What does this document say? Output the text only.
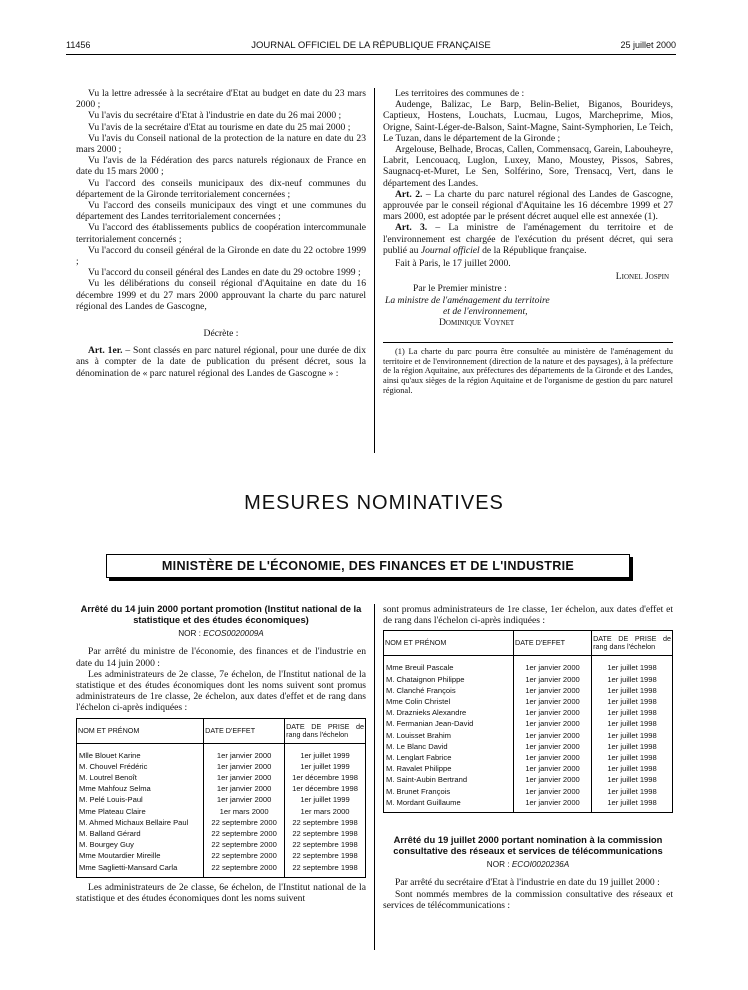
11456	JOURNAL OFFICIEL DE LA RÉPUBLIQUE FRANÇAISE	25 juillet 2000

Vu la lettre adressée à la secrétaire d'Etat au budget en date du 23 mars 2000 ;

Vu l'avis du secrétaire d'Etat à l'industrie en date du 26 mai 2000 ;

Vu l'avis de la secrétaire d'Etat au tourisme en date du 25 mai 2000 ;

Vu l'avis du Conseil national de la protection de la nature en date du 23 mars 2000 ;

Vu l'avis de la Fédération des parcs naturels régionaux de France en date du 15 mars 2000 ;

Vu l'accord des conseils municipaux des dix-neuf communes du département de la Gironde territorialement concernées ;

Vu l'accord des conseils municipaux des vingt et une communes du département des Landes territorialement concernées ;

Vu l'accord des établissements publics de coopération intercommunale territorialement concernés ;

Vu l'accord du conseil général de la Gironde en date du 22 octobre 1999 ;

Vu l'accord du conseil général des Landes en date du 29 octobre 1999 ;

Vu les délibérations du conseil régional d'Aquitaine en date du 16 décembre 1999 et du 27 mars 2000 approuvant la charte du parc naturel régional des Landes de Gascogne,

Décrète :

Art. 1er. – Sont classés en parc naturel régional, pour une durée de dix ans à compter de la date de publication du présent décret, sous la dénomination de « parc naturel régional des Landes de Gascogne » :

Les territoires des communes de :

Audenge, Balizac, Le Barp, Belin-Beliet, Biganos, Bourideys, Captieux, Hostens, Louchats, Lucmau, Lugos, Marcheprime, Mios, Origne, Saint-Léger-de-Balson, Saint-Magne, Saint-Symphorien, Le Teich, Le Tuzan, dans le département de la Gironde ;

Argelouse, Belhade, Brocas, Callen, Commensacq, Garein, Labouheyre, Labrit, Lencouacq, Luglon, Luxey, Mano, Moustey, Pissos, Sabres, Saugnacq-et-Muret, Le Sen, Solférino, Sore, Trensacq, Vert, dans le département des Landes.

Art. 2. – La charte du parc naturel régional des Landes de Gascogne, approuvée par le conseil régional d'Aquitaine les 16 décembre 1999 et 27 mars 2000, est adoptée par le présent décret auquel elle est annexée (1).

Art. 3. – La ministre de l'aménagement du territoire et de l'environnement est chargée de l'exécution du présent décret, qui sera publié au Journal officiel de la République française.

Fait à Paris, le 17 juillet 2000.

Lionel Jospin
Par le Premier ministre :
La ministre de l'aménagement du territoire
et de l'environnement,
Dominique Voynet

(1) La charte du parc pourra être consultée au ministère de l'aménagement du territoire et de l'environnement (direction de la nature et des paysages), à la préfecture de la région Aquitaine, aux préfectures des départements de la Gironde et des Landes, ainsi qu'aux sièges de la région Aquitaine et de l'organisme de gestion du parc naturel régional.

MESURES NOMINATIVES
MINISTÈRE DE L'ÉCONOMIE, DES FINANCES ET DE L'INDUSTRIE
Arrêté du 14 juin 2000 portant promotion (Institut national de la statistique et des études économiques)
NOR : ECOS0020009A

Par arrêté du ministre de l'économie, des finances et de l'industrie en date du 14 juin 2000 :

Les administrateurs de 2e classe, 7e échelon, de l'Institut national de la statistique et des études économiques dont les noms suivent sont promus administrateurs de 1re classe, 2e échelon, aux dates d'effet et de rang dans l'échelon ci-après indiquées :

NOM ET PRÉNOM	DATE D'EFFET	DATE DE PRISE de rang dans l'échelon
Mlle Blouet Karine	1er janvier 2000	1er juillet 1999
M. Chouvel Frédéric	1er janvier 2000	1er juillet 1999
M. Loutrel Benoît	1er janvier 2000	1er décembre 1998
Mme Mahfouz Selma	1er janvier 2000	1er décembre 1998
M. Pelé Louis-Paul	1er janvier 2000	1er juillet 1999
Mme Plateau Claire	1er mars 2000	1er mars 2000
M. Ahmed Michaux Bellaire Paul	22 septembre 2000	22 septembre 1998
M. Balland Gérard	22 septembre 2000	22 septembre 1998
M. Bourgey Guy	22 septembre 2000	22 septembre 1998
Mme Moutardier Mireille	22 septembre 2000	22 septembre 1998
Mme Saglietti-Mansard Carla	22 septembre 2000	22 septembre 1998

Les administrateurs de 2e classe, 6e échelon, de l'Institut national de la statistique et des études économiques dont les noms suivent

sont promus administrateurs de 1re classe, 1er échelon, aux dates d'effet et de rang dans l'échelon ci-après indiquées :

NOM ET PRÉNOM	DATE D'EFFET	DATE DE PRISE de rang dans l'échelon
Mme Breuil Pascale	1er janvier 2000	1er juillet 1998
M. Chataignon Philippe	1er janvier 2000	1er juillet 1998
M. Clanché François	1er janvier 2000	1er juillet 1998
Mme Colin Christel	1er janvier 2000	1er juillet 1998
M. Draznieks Alexandre	1er janvier 2000	1er juillet 1998
M. Fermanian Jean-David	1er janvier 2000	1er juillet 1998
M. Louisset Brahim	1er janvier 2000	1er juillet 1998
M. Le Blanc David	1er janvier 2000	1er juillet 1998
M. Lenglart Fabrice	1er janvier 2000	1er juillet 1998
M. Ravalet Philippe	1er janvier 2000	1er juillet 1998
M. Saint-Aubin Bertrand	1er janvier 2000	1er juillet 1998
M. Brunet François	1er janvier 2000	1er juillet 1998
M. Mordant Guillaume	1er janvier 2000	1er juillet 1998
Arrêté du 19 juillet 2000 portant nomination à la commission consultative des réseaux et services de télécommunications
NOR : ECOI0020236A

Par arrêté du secrétaire d'Etat à l'industrie en date du 19 juillet 2000 :

Sont nommés membres de la commission consultative des réseaux et services de télécommunications :
